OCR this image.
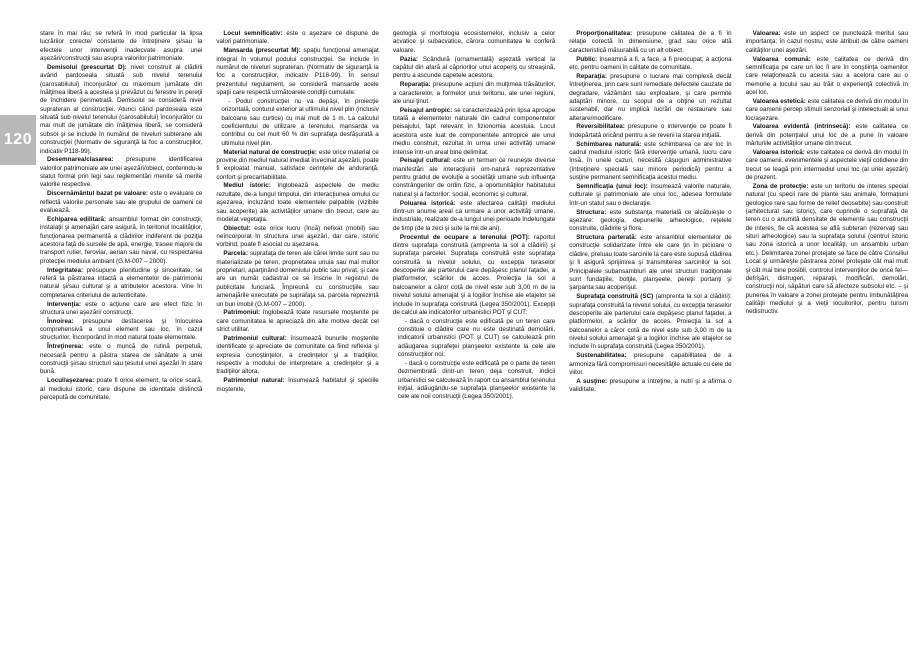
120

stare în mai rău; se referă în mod particular la lipsa lucrărilor corecte/ constante de întreţinere şi/sau la efectele unor intervenţii inadecvate asupra unei aşezări/construcţii sau asupra valorilor patrimoniale.

Demisolul (prescurtat D): nivel construit al clădirii având pardoseala situată sub nivelul terenului (carosabilului) înconjurător cu maximum jumătate din înălţimea liberă a acesteia şi prevăzut cu ferestre în pereţii de închidere perimetrală. Demisolul se consideră nivel suprateran al construcţiei. Atunci când pardoseala este situată sub nivelul terenului (carosabilului) înconjurător cu mai mult de jumătate din înălţimea liberă, se consideră subsol şi se include în numărul de niveluri subterane ale construcţiei (Normativ de siguranţă la foc a construcţiilor, indicativ P118-99).

Desemnarea/clasarea: presupune identificarea valorilor patrimoniale ale unei aşezări/obiect, conferindu-le statut formal prin legi sau reglementări menite să merite valorile respective.

Discernământul bazat pe valoare: este o evaluare ce reflectă valorile personale sau ale grupului de oameni ce evaluează.

Echiparea edilitară: ansamblul format din construcţii, instalaţii şi amenajări care asigură, în teritoriul localităţilor, funcţionarea permanentă a clădirilor indiferent de poziţia acestora faţă de sursele de apă, energie, trasee majore de transport rutier, feroviar, aerian sau naval, cu respectarea protecţiei mediului ambiant (G.M-007 – 2000).

Integritatea: presupune plenitudine şi sinceritate, se referă la păstrarea intactă a elementelor de patrimoniu natural şi/sau cultural şi a atributelor acestora. Vine în completarea criteriului de autenticitate.

Intervenţia: este o acţiune care are efect fizic în structura unei aşezări/ construcţii.

Înnoirea: presupune desfacerea şi înlocuirea comprehensivă a unui element sau loc, în cazul structurilor, încorporând în mod natural toate elementele.

Întreţinerea: este o muncă de rutină perpetuă, necesară pentru a păstra starea de sănătate a unei construcţii şi/sau structuri sau ţesutul unei aşezări în stare bună.

Locul/aşezarea: poate fi orice element, la orice scară, al mediului istoric, care dispune de identitate distinctă percepută de comunitate.

Locul semnificativ: este o aşezare ce dispune de valori patrimoniale.

Mansarda (prescurtat M): spaţiu funcţional amenajat integral în volumul podului construcţiei. Se include în numărul de niveluri suprateran. (Normativ de siguranţă la foc a construcţiilor, indicativ P118-99). În sensul prezentului regulament, se consideră mansarde acele spaţii care respectă următoarele condiţii cumulate:

- Podul construcţiei nu va depăşi, în proiecţie orizontală, conturul exterior al utlimului nivel plin (inclusiv balcoane sau curtice) cu mai mult de 1 m. La calculul coeficientului de utilizare a terenului, mansarda va contribui cu cel mult 60 % din suprafaţa desfăşurată a ultimului nivel plin.

Material natural de construcţie: este orice material ce provine din mediul natural imediat învecinat aşezării, poate fi exploatat manual, satisface cerinţele de anduranţă, confort şi precaritabilitate.

Mediul istoric: înglobează aspectele de mediu rezultate, de-a lungul timpului, din interacţiunea omului cu aşezarea, incluzând toate elementele palpabile (vizibile sau acoperite) ale activităţilor umane din trecut, care au modelat vegetaţia.

Obiectul: este orice lucru (încă) nefixat (mobil) sau neîncorporat în structura unei aşezări, dar care, istoric vorbind, poate fi asociat cu aşezarea.

Parcela: suprafaţa de teren ale cărei limite sunt sau nu materializate pe teren, proprietatea unuia sau mai multor proprietari, aparţinând domeniului public sau privat, şi care are un număr cadastral ce se înscrie în registrul de publicitate funciară. Împreună cu construcţiile sau amenajările executate pe suprafaţa sa, parcela reprezintă un bun imobil (G.M-007 – 2000).

Patrimoniul: înglobează toate resursele moştenite pe care comunitatea le apreciază din alte motive decât cel strict utilitar.

Patrimoniul cultural: însumează bunurile moştenite identificate şi apreciate de comunitate ca fiind reflexia şi expresia cunoştinţelor, a credinţelor şi a tradiţiilor, respectiv a modului de interpretare a credinţelor şi a tradiţiilor altora.

Patrimoniul natural: însumează habitatul şi speciile moştenite,

geologia şi morfologia ecosistemelor, inclusiv a celor acvatice şi subacvatice, cărora comunitatea le conferă valoare.

Pazia: Scândură (ornamentală) aşezată vertical la capătul din afară al căpriorilor unui acoperiş cu streaşină, pentru a ascunde capetele acestora.

Reparaţia: presupune acţiuni din mulţimea trăsăturilor, a caracterelor, a formelor unui teritoriu, ale unei regiuni, ale unui ţinut.

Peisajul antropic: se caracterizează prin lipsa aproape totală a elementelor naturale din cadrul componentelor peisajului, fapt relevant în fizionomia acestuia. Locul acestora este luat de componentele antropice ale unui mediu construit, rezultat în urma unei activităţi umane intense într-un areal bine delimitat.

Peisajul cultural: este un termen ce reuneşte diverse manifestări ale interacţiunii om-natură reprezentative pentru gradul de evoluţie a societăţii umane sub influenţa constrângerilor de ordin fizic, a oportunităţilor habitatului natural şi a factorilor: social, economic şi cultural.

Poluarea istorică: este afectarea calităţii mediului dintr-un anume areal ca urmare a unor activităţi umane, industriale, realizate de-a lungul unei perioade îndelungate de timp (de la zeci şi sute la mii de ani).

Procentul de ocupare a terenului (POT): raportul dintre suprafaţa construită (amprenta la sol a clădirii) şi suprafaţa parcelei. Suprafaţa construită este suprafaţa construită la nivelul solului, cu excepţia teraselor descoperite ale parterului care depăşesc planul faţadei, a platformelor, scărilor de acces. Proiecţia la sol a balcoanelor a căror cotă de nivel este sub 3,00 m de la nivelul solului amenajat şi a logiilor închise ale etajelor se include în suprafaţa construită (Legea 350/2001). Excepţii de calcul ale indicatorilor urbanistici POT şi CUT:

- dacă o construcţie este edificată pe un teren care constituie o clădire care nu este destinată demolării, indicatorii urbanistici (POT şi CUT) se calculează prin adăugarea suprafeţei planşeelor existente la cele ale construcţiilor noi;

- dacă o construcţie este edificată pe o parte de teren dezmembrată dintr-un teren deja construit, indicii urbanistici se calculează în raport cu ansamblul terenului iniţial, adăugându-se suprafaţa planşeelor existente la cele ale noii construcţii (Legea 350/2001).

Proporţionalitatea: presupune calitatea de a fi în relaţie corectă în dimensiune, grad sau orice altă caracteristică măsurabilă cu un alt obiect.

Public: înseamnă a fi, a face, a fi preocupat, a acţiona etc. pentru oameni în calitate de comunitate.

Reparaţia: presupune o lucrare mai complexă decât întreţinerea, prin care sunt remediate defectele cauzate de degradare, văzământ sau exploatare, şi care permite adaptări minore, cu scopul de a obţine un rezultat sustenabil, dar nu implică lucrări de restaurare sau alterare/modificare.

Reversibilitatea: presupune o intervenţie ce poate fi îndepărtată oricând pentru a se reveni la starea iniţială.

Schimbarea naturală: este schimbarea ce are loc în cadrul mediului istoric fără intervenţie umană, lucru care însă, în unele cazuri, necesită câşuguri administrative (întreţinere specială sau minore periodică) pentru a susţine permanent semnificaţia acestui mediu.

Semnificaţia (unui loc): însumează valorile naturale, culturale şi patrimoniale ale unui loc, adesea formulate într-un statut sau o declaraţie.

Structura: este substanţa materială ce alcătuieşte o aşezare: geologia, depunerile arheologice, reţelele construite, clădirile şi flora.

Structura parterată: este ansamblul elementelor de construcţie solidarizate între ele care ţin în picioare o clădire, preluau toate sarcinile la care este supusă clădirea şi îi asigură sprijinirea şi transmiterea sarcinilor la sol. Principalele subansambluri ale unei structuri tradiţionale sunt fundaţiile, bolţile, planşeele, pereţii portanţi şi şarpanta sau acoperişul.

Suprafaţa construită (SC) (amprenta la sol a clădirii): suprafaţa construită la nivelul solului, cu excepţia teraselor descoperite ale parterului care depăşesc planul faţadei, a platformelor, a scărilor de acces. Proiecţia la sol a balcoanelor a căror cotă de nivel este sub 3,00 m de la nivelul solului amenajat şi a logiilor închise ale etajelor se include în suprafaţa construită (Legea 350/2001).

Sustenabilitatea: presupune capabilitatea de a armoniza fără compromisuri necesităţile actuale cu cele de viitor.

A susţine: presupune a întreţine, a nutri şi a afirma o validitate.

Valoarea: este un aspect ce punctează meritul sau importanţa; în cazul nostru, este atribuit de către oameni calităţilor unei aşezări.

Valoarea comună: este calitatea ce derivă din semnificaţia pe care un loc îl are în conştiinţa oamenilor care relaţionează cu acesta sau a acelora care au o memorie a locului sau au trăit o experienţă colectivă în acel loc.

Valoarea estetică: este calitatea ce derivă din modul în care oamenii percep stimuli senzoriali şi intelectuali ai unui loc/aşezare.

Valoarea evidentă (intrinsecă): este calitatea ce derivă din potenţialul unui loc de a pune în valoare mărturiile activităţilor umane din trecut.

Valoarea istorică: este calitatea ce derivă din modul în care oamenii, evenimentele şi aspectele vieţii cotidiene din trecut se leagă prin intermediul unui loc (al unei aşezări) de prezent.

Zona de protecţie: este un teritoriu de interes special natural (cu specii rare de plante sau animale, formaţiuni geologice rare sau forme de relief deosebite) sau construit (arhitectural sau istoric), care cuprinde o suprafaţă de teren cu o anumită densitate de elemente sau construcţii de interes, fie că acestea se află subteran (rezervaţi sau situri arheologice) sau la suprafaţa solului (centrul istoric sau zona istorică a unor localităţi, un ansamblu urban etc.). Delimitarea zonei protejate se face de către Consiliul Local şi urmăreşte păstrarea zonei protejate cât mai mult şi cât mai bine posibil, controlul intervenţiilor de orice fel—defrişări, distrugeri, reparaţii, modificări, demolări, construcţii noi, săpături care să afecteze subsolul etc. – şi punerea în valoare a zonei protejate pentru îmbunătăţirea calităţii mediului şi a vieţii locuitorilor, pentru turism nedistructiv.
